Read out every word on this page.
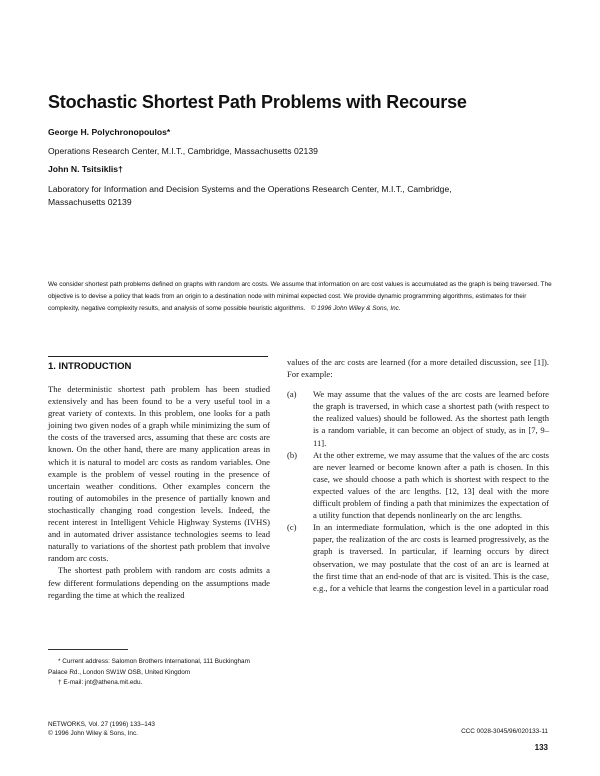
Stochastic Shortest Path Problems with Recourse
George H. Polychronopoulos*
Operations Research Center, M.I.T., Cambridge, Massachusetts 02139
John N. Tsitsiklis†
Laboratory for Information and Decision Systems and the Operations Research Center, M.I.T., Cambridge, Massachusetts 02139
We consider shortest path problems defined on graphs with random arc costs. We assume that information on arc cost values is accumulated as the graph is being traversed. The objective is to devise a policy that leads from an origin to a destination node with minimal expected cost. We provide dynamic programming algorithms, estimates for their complexity, negative complexity results, and analysis of some possible heuristic algorithms. © 1996 John Wiley & Sons, Inc.
1. INTRODUCTION

The deterministic shortest path problem has been studied extensively and has been found to be a very useful tool in a great variety of contexts. In this problem, one looks for a path joining two given nodes of a graph while minimizing the sum of the costs of the traversed arcs, assuming that these arc costs are known. On the other hand, there are many application areas in which it is natural to model arc costs as random variables. One example is the problem of vessel routing in the presence of uncertain weather conditions. Other examples concern the routing of automobiles in the presence of partially known and stochastically changing road congestion levels. Indeed, the recent interest in Intelligent Vehicle Highway Systems (IVHS) and in automated driver assistance technologies seems to lead naturally to variations of the shortest path problem that involve random arc costs.

The shortest path problem with random arc costs admits a few different formulations depending on the assumptions made regarding the time at which the realized

values of the arc costs are learned (for a more detailed discussion, see [1]). For example:

(a) We may assume that the values of the arc costs are learned before the graph is traversed, in which case a shortest path (with respect to the realized values) should be followed. As the shortest path length is a random variable, it can become an object of study, as in [7, 9–11].
(b) At the other extreme, we may assume that the values of the arc costs are never learned or become known after a path is chosen. In this case, we should choose a path which is shortest with respect to the expected values of the arc lengths. [12, 13] deal with the more difficult problem of finding a path that minimizes the expectation of a utility function that depends nonlinearly on the arc lengths.
(c) In an intermediate formulation, which is the one adopted in this paper, the realization of the arc costs is learned progressively, as the graph is traversed. In particular, if learning occurs by direct observation, we may postulate that the cost of an arc is learned at the first time that an end-node of that arc is visited. This is the case, e.g., for a vehicle that learns the congestion level in a particular road
* Current address: Salomon Brothers International, 111 Buckingham Palace Rd., London SW1W OSB, United Kingdom
† E-mail: jnt@athena.mit.edu.
NETWORKS, Vol. 27 (1996) 133–143
© 1996 John Wiley & Sons, Inc.	CCC 0028-3045/96/020133-11
133
